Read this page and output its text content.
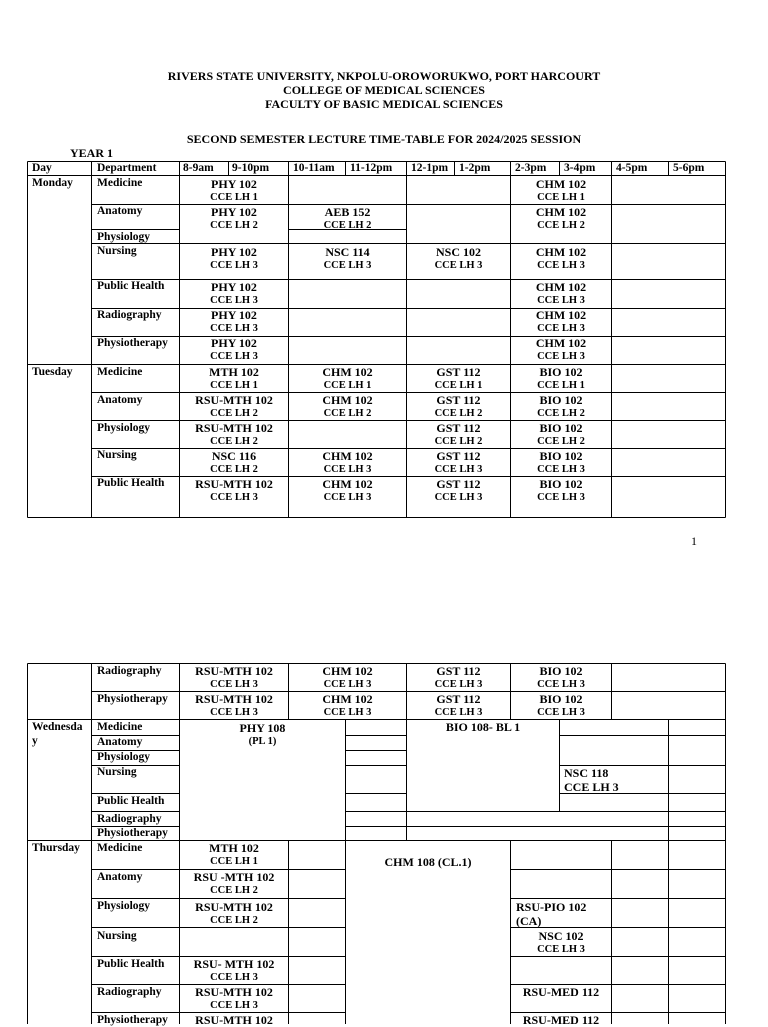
RIVERS STATE UNIVERSITY, NKPOLU-OROWORUKWO, PORT HARCOURT
COLLEGE OF MEDICAL SCIENCES
FACULTY OF BASIC MEDICAL SCIENCES
SECOND SEMESTER LECTURE TIME-TABLE FOR 2024/2025 SESSION
YEAR 1
Day	Department 8-9am 9-10pm 10-11am 11-12pm 12-1pm 1-2pm 2-3pm 3-4pm 4-5pm 5-6pm
Monday Medicine
Anatomy
Physiology
Nursing
Public Health
Radiography
Physiotherapy
Tuesday Medicine
Anatomy
Physiology
Nursing
Public Health
Radiography
Physiotherapy
Wednesda
y
Medicine
Anatomy
Physiology
Nursing
Public Health
Radiography
Physiotherapy
Thursday Medicine
Anatomy
Physiology
Nursing
Public Health
Radiography
Physiotherapy
PHY 102
CCE LH 1
CHM 102
CCE LH 1
PHY 102
CCE LH 2
AEB 152
CCE LH 2
CHM 102
CCE LH 2
PHY 102
CCE LH 3
NSC 114
CCE LH 3
NSC 102
CCE LH 3
CHM 102
CCE LH 3
PHY 102
CCE LH 3
CHM 102
CCE LH 3
PHY 102
CCE LH 3
CHM 102
CCE LH 3
PHY 102
CCE LH 3
CHM 102
CCE LH 3
MTH 102
CCE LH 1
CHM 102
CCE LH 1
GST 112
CCE LH 1
BIO 102
CCE LH 1
RSU-MTH 102
CCE LH 2
CHM 102
CCE LH 2
GST 112
CCE LH 2
BIO 102
CCE LH 2
RSU-MTH 102
CCE LH 2
GST 112
CCE LH 2
BIO 102
CCE LH 2
NSC 116
CCE LH 2
CHM 102
CCE LH 3
GST 112
CCE LH 3
BIO 102
CCE LH 3
RSU-MTH 102
CCE LH 3
CHM 102
CCE LH 3
GST 112
CCE LH 3
BIO 102
CCE LH 3
RSU-MTH 102
CCE LH 3
CHM 102
CCE LH 3
GST 112
CCE LH 3
BIO 102
CCE LH 3
RSU-MTH 102
CCE LH 3
CHM 102
CCE LH 3
GST 112
CCE LH 3
BIO 102
CCE LH 3
PHY 108
(PL 1)
BIO 108- BL 1
NSC 118
CCE LH 3
CHM 108 (CL.1)
MTH 102
CCE LH 1
RSU -MTH 102
CCE LH 2
RSU-MTH 102
CCE LH 2
RSU-PIO 102
(CA)
NSC 102
CCE LH 3
RSU- MTH 102
CCE LH 3
RSU-MTH 102
CCE LH 3
RSU-MED 112
RSU-MTH 102	RSU-MED 112
1
